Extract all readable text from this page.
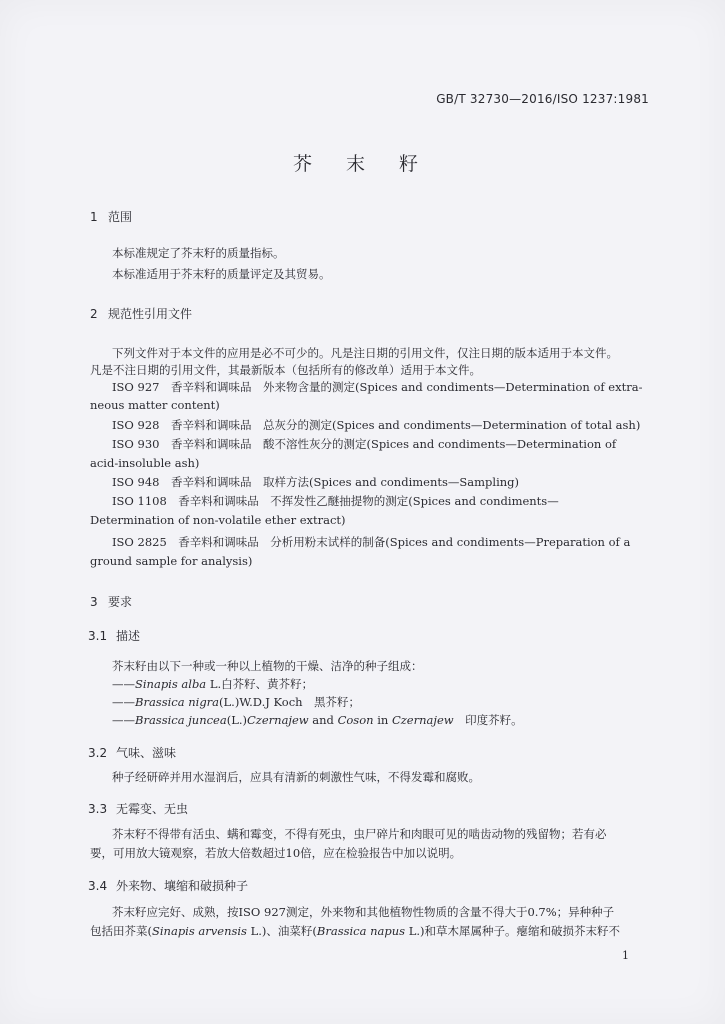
GB/T 32730—2016/ISO 1237:1981
芥 末 籽
1 范围
本标准规定了芥末籽的质量指标。
本标准适用于芥末籽的质量评定及其贸易。
2 规范性引用文件
下列文件对于本文件的应用是必不可少的。凡是注日期的引用文件，仅注日期的版本适用于本文件。
凡是不注日期的引用文件，其最新版本（包括所有的修改单）适用于本文件。
ISO 927　香辛料和调味品　外来物含量的测定(Spices and condiments—Determination of extra-
neous matter content)
ISO 928　香辛料和调味品　总灰分的测定(Spices and condiments—Determination of total ash)
ISO 930　香辛料和调味品　酸不溶性灰分的测定(Spices and condiments—Determination of
acid-insoluble ash)
ISO 948　香辛料和调味品　取样方法(Spices and condiments—Sampling)
ISO 1108　香辛料和调味品　不挥发性乙醚抽提物的测定(Spices and condiments—
Determination of non-volatile ether extract)
ISO 2825　香辛料和调味品　分析用粉末试样的制备(Spices and condiments—Preparation of a
ground sample for analysis)
3 要求
3.1 描述
芥末籽由以下一种或一种以上植物的干燥、洁净的种子组成：
——Sinapis alba L.白芥籽、黄芥籽；
——Brassica nigra(L.)W.D.J Koch　黑芥籽；
——Brassica juncea(L.)Czernajew and Coson in Czernajew　印度芥籽。
3.2 气味、滋味
种子经研碎并用水湿润后，应具有清新的刺激性气味，不得发霉和腐败。
3.3 无霉变、无虫
芥末籽不得带有活虫、螨和霉变，不得有死虫，虫尸碎片和肉眼可见的啮齿动物的残留物；若有必
要，可用放大镜观察，若放大倍数超过10倍，应在检验报告中加以说明。
3.4 外来物、壤缩和破损种子
芥末籽应完好、成熟，按ISO 927测定，外来物和其他植物性物质的含量不得大于0.7%；异种种子
包括田芥菜(Sinapis arvensis L.)、油菜籽(Brassica napus L.)和草木犀属种子。瘪缩和破损芥末籽不
1
